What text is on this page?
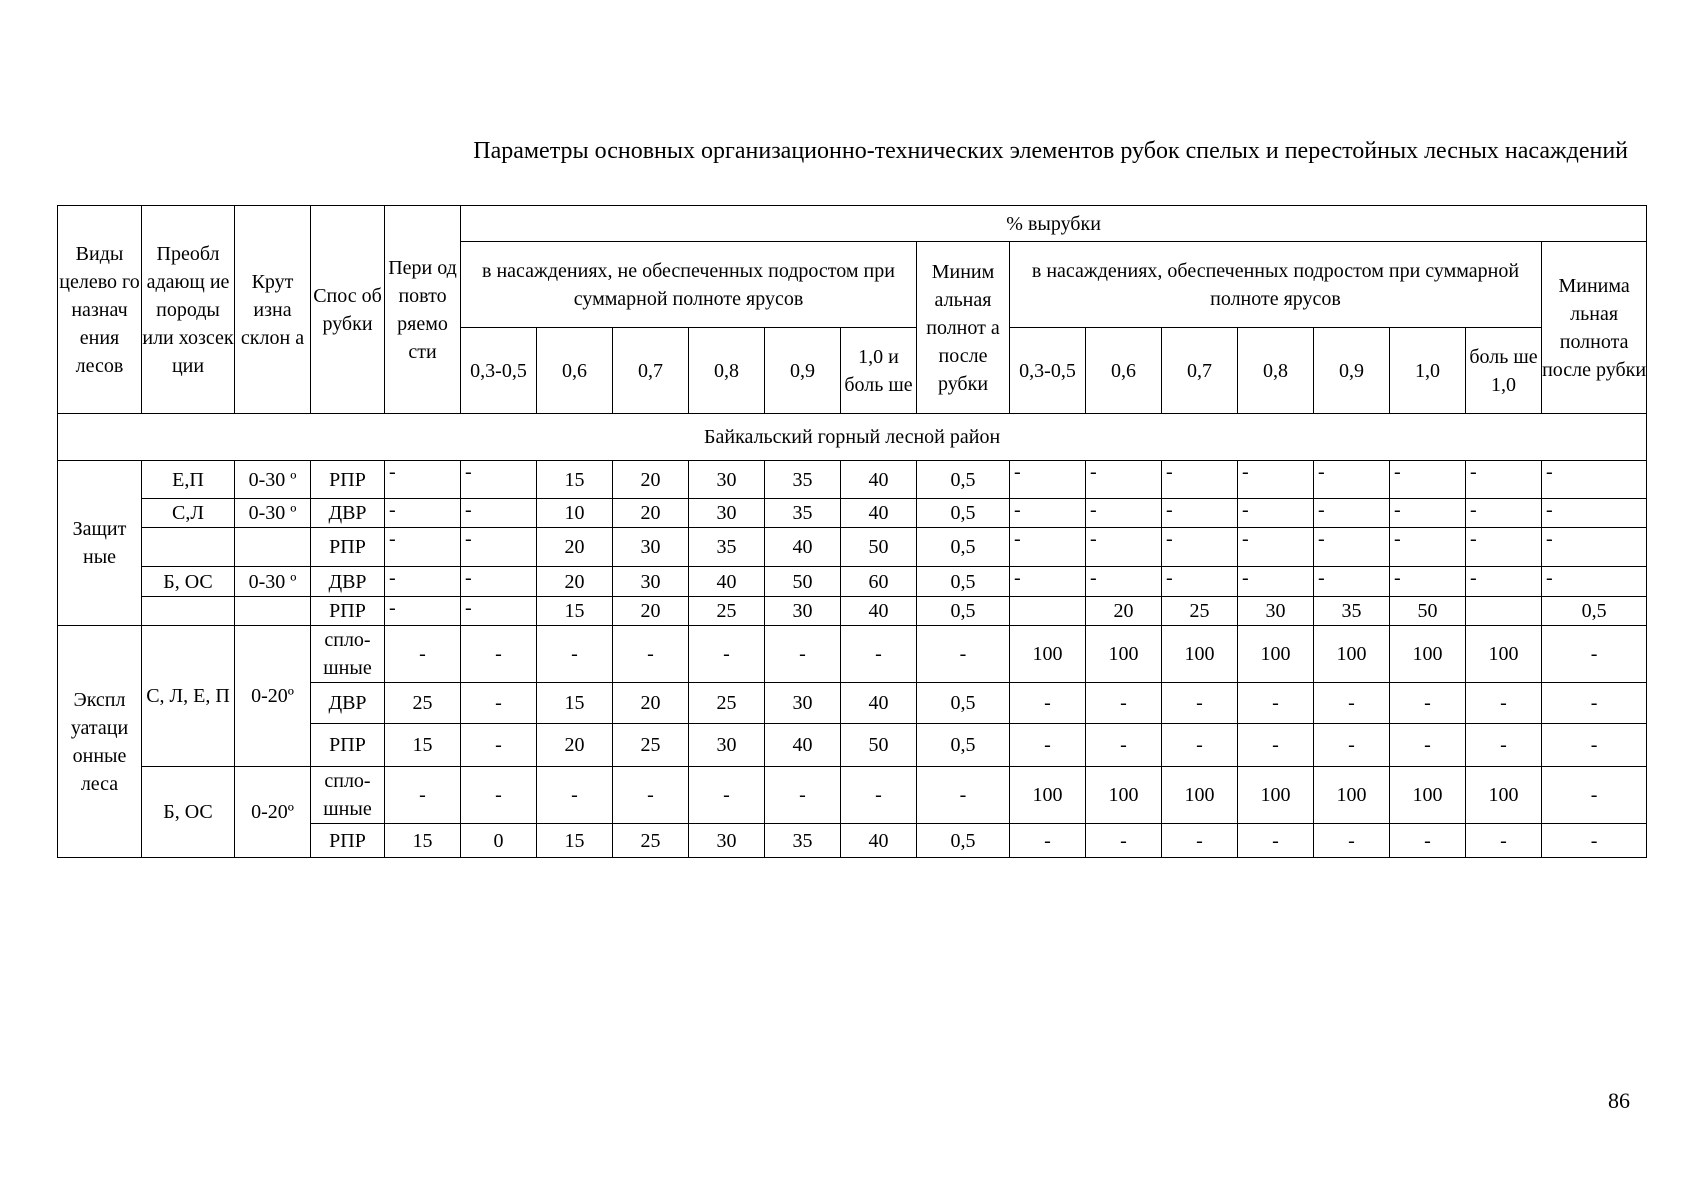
Параметры основных организационно-технических элементов рубок спелых и перестойных лесных насаждений
Виды целево го назнач ения лесов	Преобл адающ ие породы или хозсек ции	Крут изна склон а	Спос об рубки	Пери од повто ряемо сти	% вырубки														
					в насаждениях, не обеспеченных подростом при суммарной полноте ярусов						Миним альная полнот а после рубки	в насаждениях, обеспеченных подростом при суммарной полноте ярусов							Минима льная полнота после рубки
					0,3-0,5	0,6	0,7	0,8	0,9	1,0 и боль ше		0,3-0,5	0,6	0,7	0,8	0,9	1,0	боль ше 1,0	
Байкальский горный лесной район																			
Защит ные	Е,П	0-30 º	РПР	-	-	15	20	30	35	40	0,5	-	-	-	-	-	-	-	-
	С,Л	0-30 º	ДВР	-	-	10	20	30	35	40	0,5	-	-	-	-	-	-	-	-
			РПР	-	-	20	30	35	40	50	0,5	-	-	-	-	-	-	-	-
	Б, ОС	0-30 º	ДВР	-	-	20	30	40	50	60	0,5	-	-	-	-	-	-	-	-
			РПР	-	-	15	20	25	30	40	0,5		20	25	30	35	50		0,5
Экспл уатаци онные леса	С, Л, Е, П	0-20º	спло- шные	-	-	-	-	-	-	-	-	100	100	100	100	100	100	100	-
			ДВР	25	-	15	20	25	30	40	0,5	-	-	-	-	-	-	-	-
			РПР	15	-	20	25	30	40	50	0,5	-	-	-	-	-	-	-	-
	Б, ОС	0-20º	спло- шные	-	-	-	-	-	-	-	-	100	100	100	100	100	100	100	-
			РПР	15	0	15	25	30	35	40	0,5	-	-	-	-	-	-	-	-
86
